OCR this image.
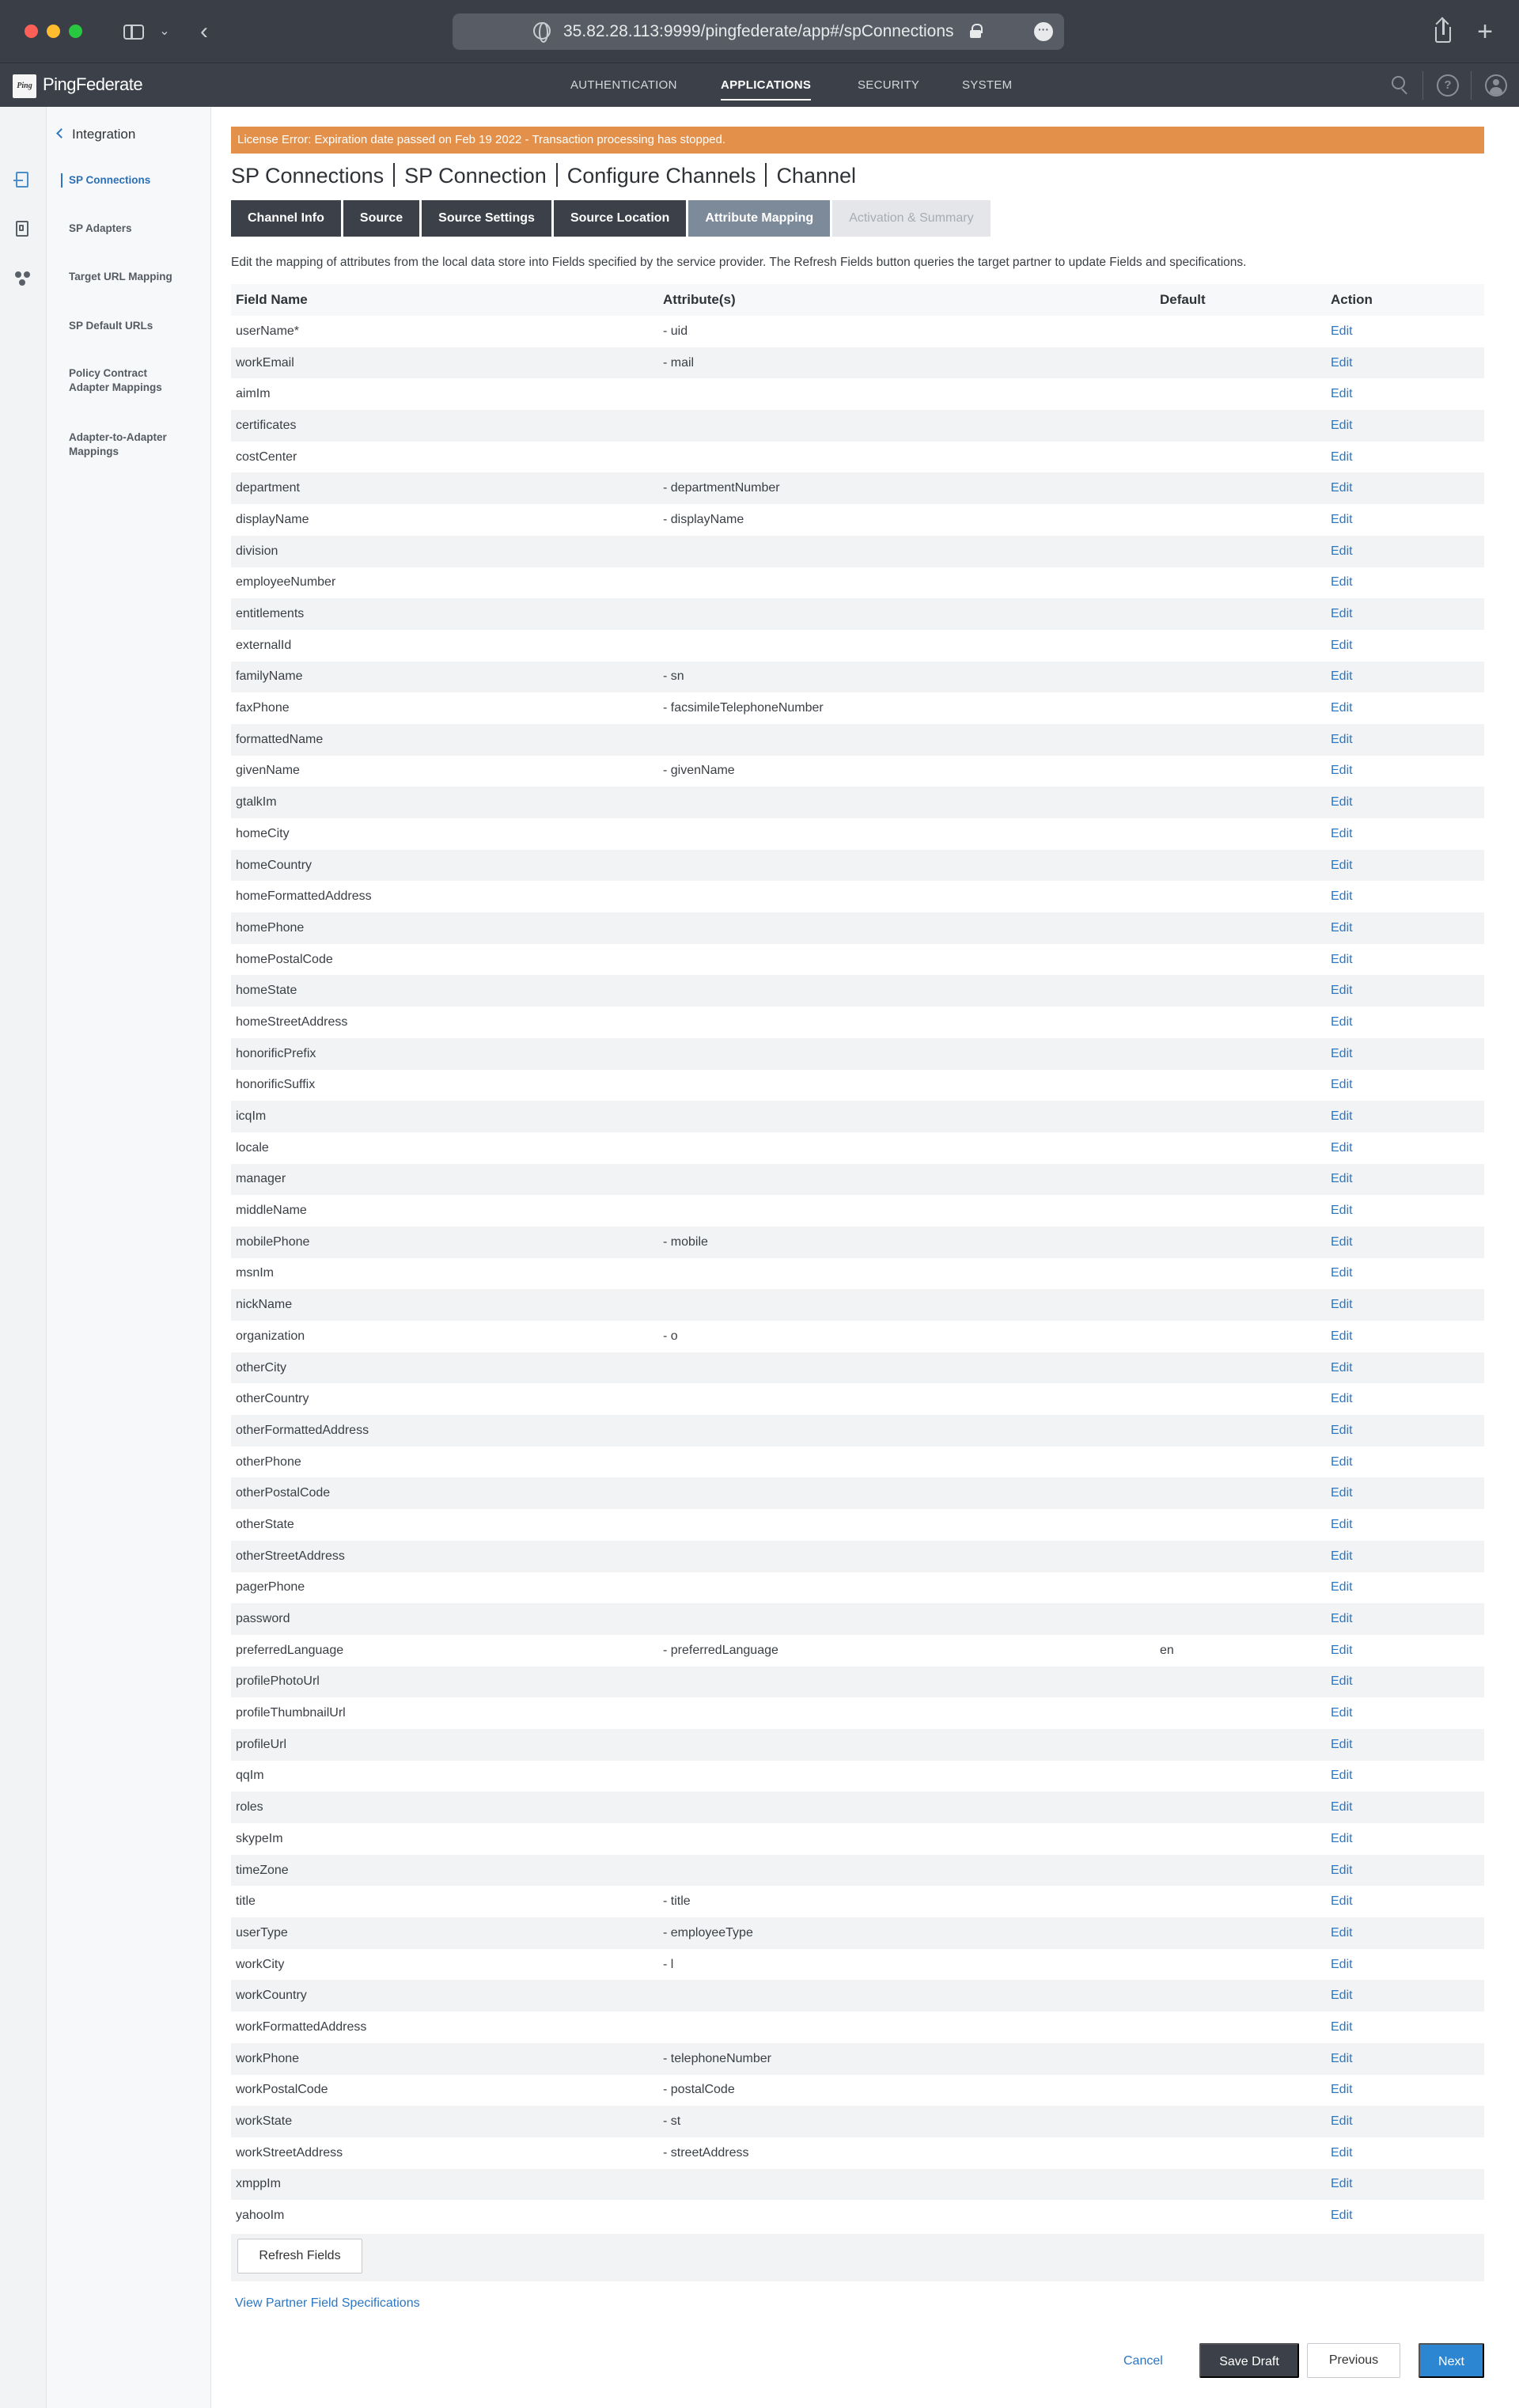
⌄	‹	35.82.28.113:9999/pingfederate/app#/spConnections	···	+
Ping PingFederate	AUTHENTICATION	APPLICATIONS	SECURITY	SYSTEM	?
Integration
SP Connections
SP Adapters
Target URL Mapping
SP Default URLs
Policy Contract Adapter Mappings
Adapter-to-Adapter Mappings
License Error: Expiration date passed on Feb 19 2022 - Transaction processing has stopped.
SP Connections SP Connection Configure Channels Channel
Channel Info	Source	Source Settings	Source Location	Attribute Mapping	Activation & Summary
Edit the mapping of attributes from the local data store into Fields specified by the service provider. The Refresh Fields button queries the target partner to update Fields and specifications.
Field Name	Attribute(s)	Default	Action
userName*	- uid		Edit
workEmail	- mail		Edit
aimIm			Edit
certificates			Edit
costCenter			Edit
department	- departmentNumber		Edit
displayName	- displayName		Edit
division			Edit
employeeNumber			Edit
entitlements			Edit
externalId			Edit
familyName	- sn		Edit
faxPhone	- facsimileTelephoneNumber		Edit
formattedName			Edit
givenName	- givenName		Edit
gtalkIm			Edit
homeCity			Edit
homeCountry			Edit
homeFormattedAddress			Edit
homePhone			Edit
homePostalCode			Edit
homeState			Edit
homeStreetAddress			Edit
honorificPrefix			Edit
honorificSuffix			Edit
icqIm			Edit
locale			Edit
manager			Edit
middleName			Edit
mobilePhone	- mobile		Edit
msnIm			Edit
nickName			Edit
organization	- o		Edit
otherCity			Edit
otherCountry			Edit
otherFormattedAddress			Edit
otherPhone			Edit
otherPostalCode			Edit
otherState			Edit
otherStreetAddress			Edit
pagerPhone			Edit
password			Edit
preferredLanguage	- preferredLanguage	en	Edit
profilePhotoUrl			Edit
profileThumbnailUrl			Edit
profileUrl			Edit
qqIm			Edit
roles			Edit
skypeIm			Edit
timeZone			Edit
title	- title		Edit
userType	- employeeType		Edit
workCity	- l		Edit
workCountry			Edit
workFormattedAddress			Edit
workPhone	- telephoneNumber		Edit
workPostalCode	- postalCode		Edit
workState	- st		Edit
workStreetAddress	- streetAddress		Edit
xmppIm			Edit
yahooIm			Edit
Refresh Fields
View Partner Field Specifications
Cancel	Save Draft	Previous	Next
